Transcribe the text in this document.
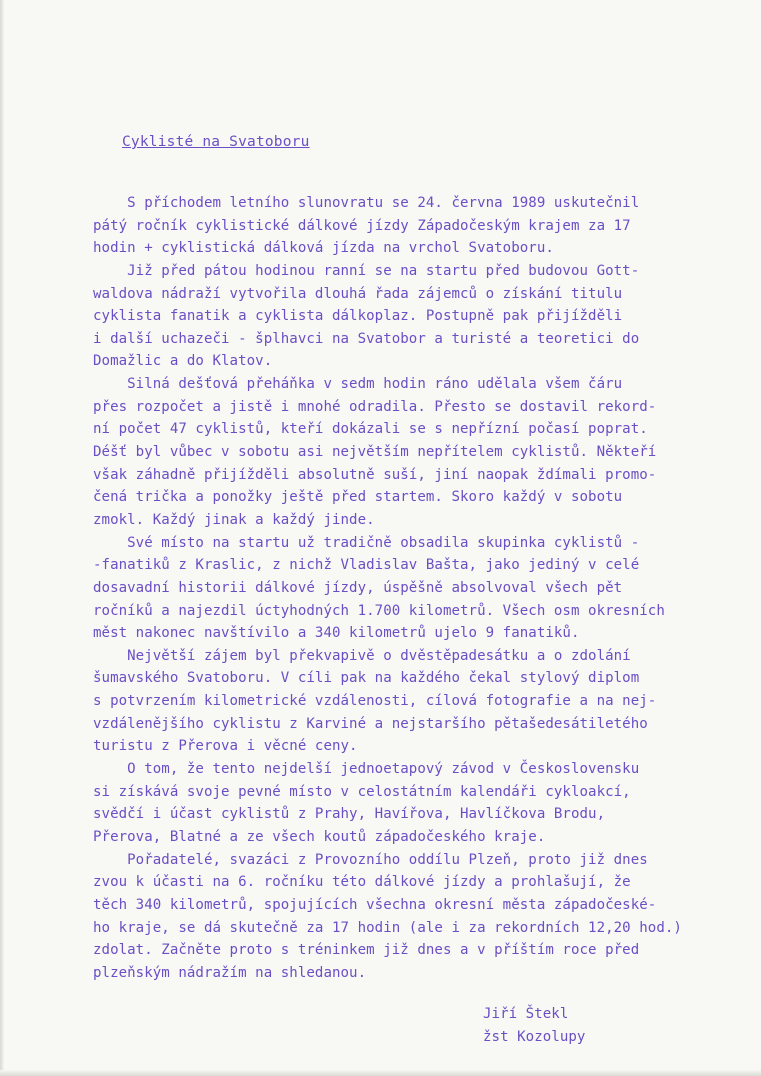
Cyklisté na Svatoboru
S příchodem letního slunovratu se 24. června 1989 uskutečnil
pátý ročník cyklistické dálkové jízdy Západočeským krajem za 17
hodin + cyklistická dálková jízda na vrchol Svatoboru.
Již před pátou hodinou ranní se na startu před budovou Gott-
waldova nádraží vytvořila dlouhá řada zájemců o získání titulu
cyklista fanatik a cyklista dálkoplaz. Postupně pak přijížděli
i další uchazeči - šplhavci na Svatobor a turisté a teoretici do
Domažlic a do Klatov.
Silná dešťová přeháňka v sedm hodin ráno udělala všem čáru
přes rozpočet a jistě i mnohé odradila. Přesto se dostavil rekord-
ní počet 47 cyklistů, kteří dokázali se s nepřízní počasí poprat.
Déšť byl vůbec v sobotu asi největším nepřítelem cyklistů. Někteří
však záhadně přijížděli absolutně suší, jiní naopak ždímali promo-
čená trička a ponožky ještě před startem. Skoro každý v sobotu
zmokl. Každý jinak a každý jinde.
Své místo na startu už tradičně obsadila skupinka cyklistů -
-fanatiků z Kraslic, z nichž Vladislav Bašta, jako jediný v celé
dosavadní historii dálkové jízdy, úspěšně absolvoval všech pět
ročníků a najezdil úctyhodných 1.700 kilometrů. Všech osm okresních
měst nakonec navštívilo a 340 kilometrů ujelo 9 fanatiků.
Největší zájem byl překvapivě o dvěstěpadesátku a o zdolání
šumavského Svatoboru. V cíli pak na každého čekal stylový diplom
s potvrzením kilometrické vzdálenosti, cílová fotografie a na nej-
vzdálenějšího cyklistu z Karviné a nejstaršího pětašedesátiletého
turistu z Přerova i věcné ceny.
O tom, že tento nejdelší jednoetapový závod v Československu
si získává svoje pevné místo v celostátním kalendáři cykloakcí,
svědčí i účast cyklistů z Prahy, Havířova, Havlíčkova Brodu,
Přerova, Blatné a ze všech koutů západočeského kraje.
Pořadatelé, svazáci z Provozního oddílu Plzeň, proto již dnes
zvou k účasti na 6. ročníku této dálkové jízdy a prohlašují, že
těch 340 kilometrů, spojujících všechna okresní města západočeské-
ho kraje, se dá skutečně za 17 hodin (ale i za rekordních 12,20 hod.)
zdolat. Začněte proto s tréninkem již dnes a v příštím roce před
plzeňským nádražím na shledanou.
Jiří Štekl
žst Kozolupy
